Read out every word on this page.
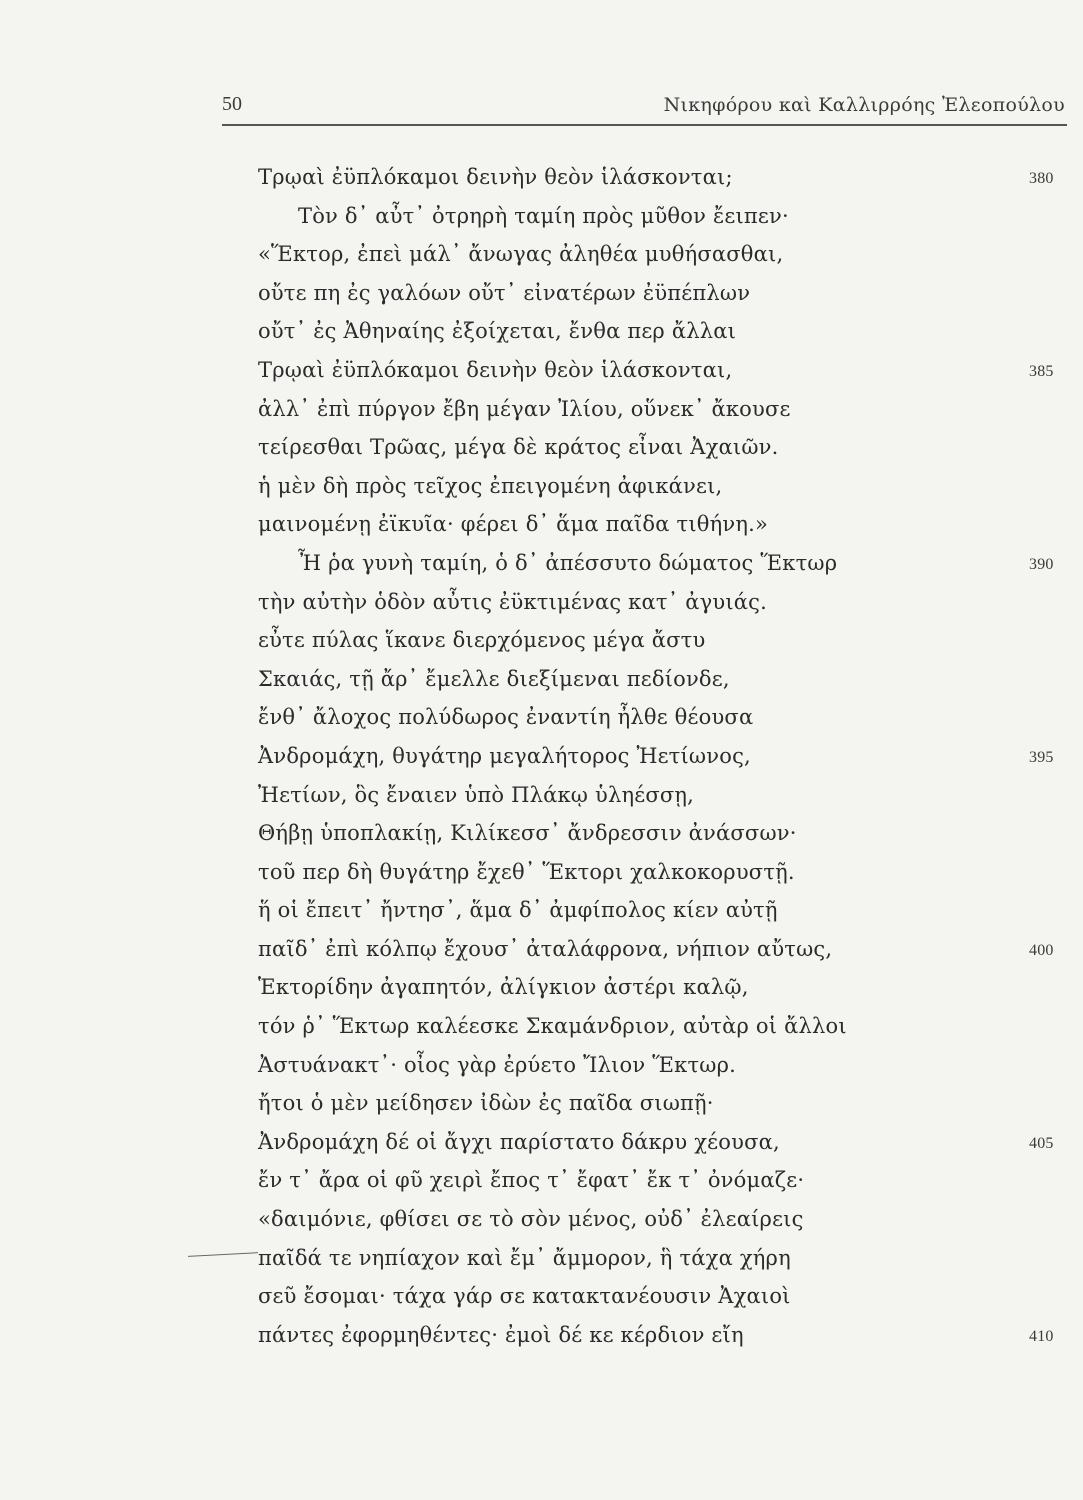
50	Νικηφόρου καὶ Καλλιρρόης Ἐλεοπούλου
Τρῳαὶ ἐϋπλόκαμοι δεινὴν θεὸν ἱλάσκονται;	380
Τὸν δ᾽ αὖτ᾽ ὀτρηρὴ ταμίη πρὸς μῦθον ἔειπεν·
«Ἕκτορ, ἐπεὶ μάλ᾽ ἄνωγας ἀληθέα μυθήσασθαι,
οὔτε πη ἐς γαλόων οὔτ᾽ εἰνατέρων ἐϋπέπλων
οὔτ᾽ ἐς Ἀθηναίης ἐξοίχεται, ἔνθα περ ἄλλαι
Τρῳαὶ ἐϋπλόκαμοι δεινὴν θεὸν ἱλάσκονται,	385
ἀλλ᾽ ἐπὶ πύργον ἔβη μέγαν Ἰλίου, οὕνεκ᾽ ἄκουσε
τείρεσθαι Τρῶας, μέγα δὲ κράτος εἶναι Ἀχαιῶν.
ἡ μὲν δὴ πρὸς τεῖχος ἐπειγομένη ἀφικάνει,
μαινομένῃ ἐϊκυῖα· φέρει δ᾽ ἅμα παῖδα τιθήνη.»
Ἦ ῥα γυνὴ ταμίη, ὁ δ᾽ ἀπέσσυτο δώματος Ἕκτωρ	390
τὴν αὐτὴν ὁδὸν αὖτις ἐϋκτιμένας κατ᾽ ἀγυιάς.
εὖτε πύλας ἵκανε διερχόμενος μέγα ἄστυ
Σκαιάς, τῇ ἄρ᾽ ἔμελλε διεξίμεναι πεδίονδε,
ἔνθ᾽ ἄλοχος πολύδωρος ἐναντίη ἦλθε θέουσα
Ἀνδρομάχη, θυγάτηρ μεγαλήτορος Ἠετίωνος,	395
Ἠετίων, ὃς ἔναιεν ὑπὸ Πλάκῳ ὑληέσσῃ,
Θήβῃ ὑποπλακίῃ, Κιλίκεσσ᾽ ἄνδρεσσιν ἀνάσσων·
τοῦ περ δὴ θυγάτηρ ἔχεθ᾽ Ἕκτορι χαλκοκορυστῇ.
ἥ οἱ ἔπειτ᾽ ἤντησ᾽, ἅμα δ᾽ ἀμφίπολος κίεν αὐτῇ
παῖδ᾽ ἐπὶ κόλπῳ ἔχουσ᾽ ἀταλάφρονα, νήπιον αὔτως,	400
Ἑκτορίδην ἀγαπητόν, ἀλίγκιον ἀστέρι καλῷ,
τόν ῥ᾽ Ἕκτωρ καλέεσκε Σκαμάνδριον, αὐτὰρ οἱ ἄλλοι
Ἀστυάνακτ᾽· οἶος γὰρ ἐρύετο Ἴλιον Ἕκτωρ.
ἤτοι ὁ μὲν μείδησεν ἰδὼν ἐς παῖδα σιωπῇ·
Ἀνδρομάχη δέ οἱ ἄγχι παρίστατο δάκρυ χέουσα,	405
ἔν τ᾽ ἄρα οἱ φῦ χειρὶ ἔπος τ᾽ ἔφατ᾽ ἔκ τ᾽ ὀνόμαζε·
«δαιμόνιε, φθίσει σε τὸ σὸν μένος, οὐδ᾽ ἐλεαίρεις
παῖδά τε νηπίαχον καὶ ἔμ᾽ ἄμμορον, ἣ τάχα χήρη
σεῦ ἔσομαι· τάχα γάρ σε κατακτανέουσιν Ἀχαιοὶ
πάντες ἐφορμηθέντες· ἐμοὶ δέ κε κέρδιον εἴη	410
